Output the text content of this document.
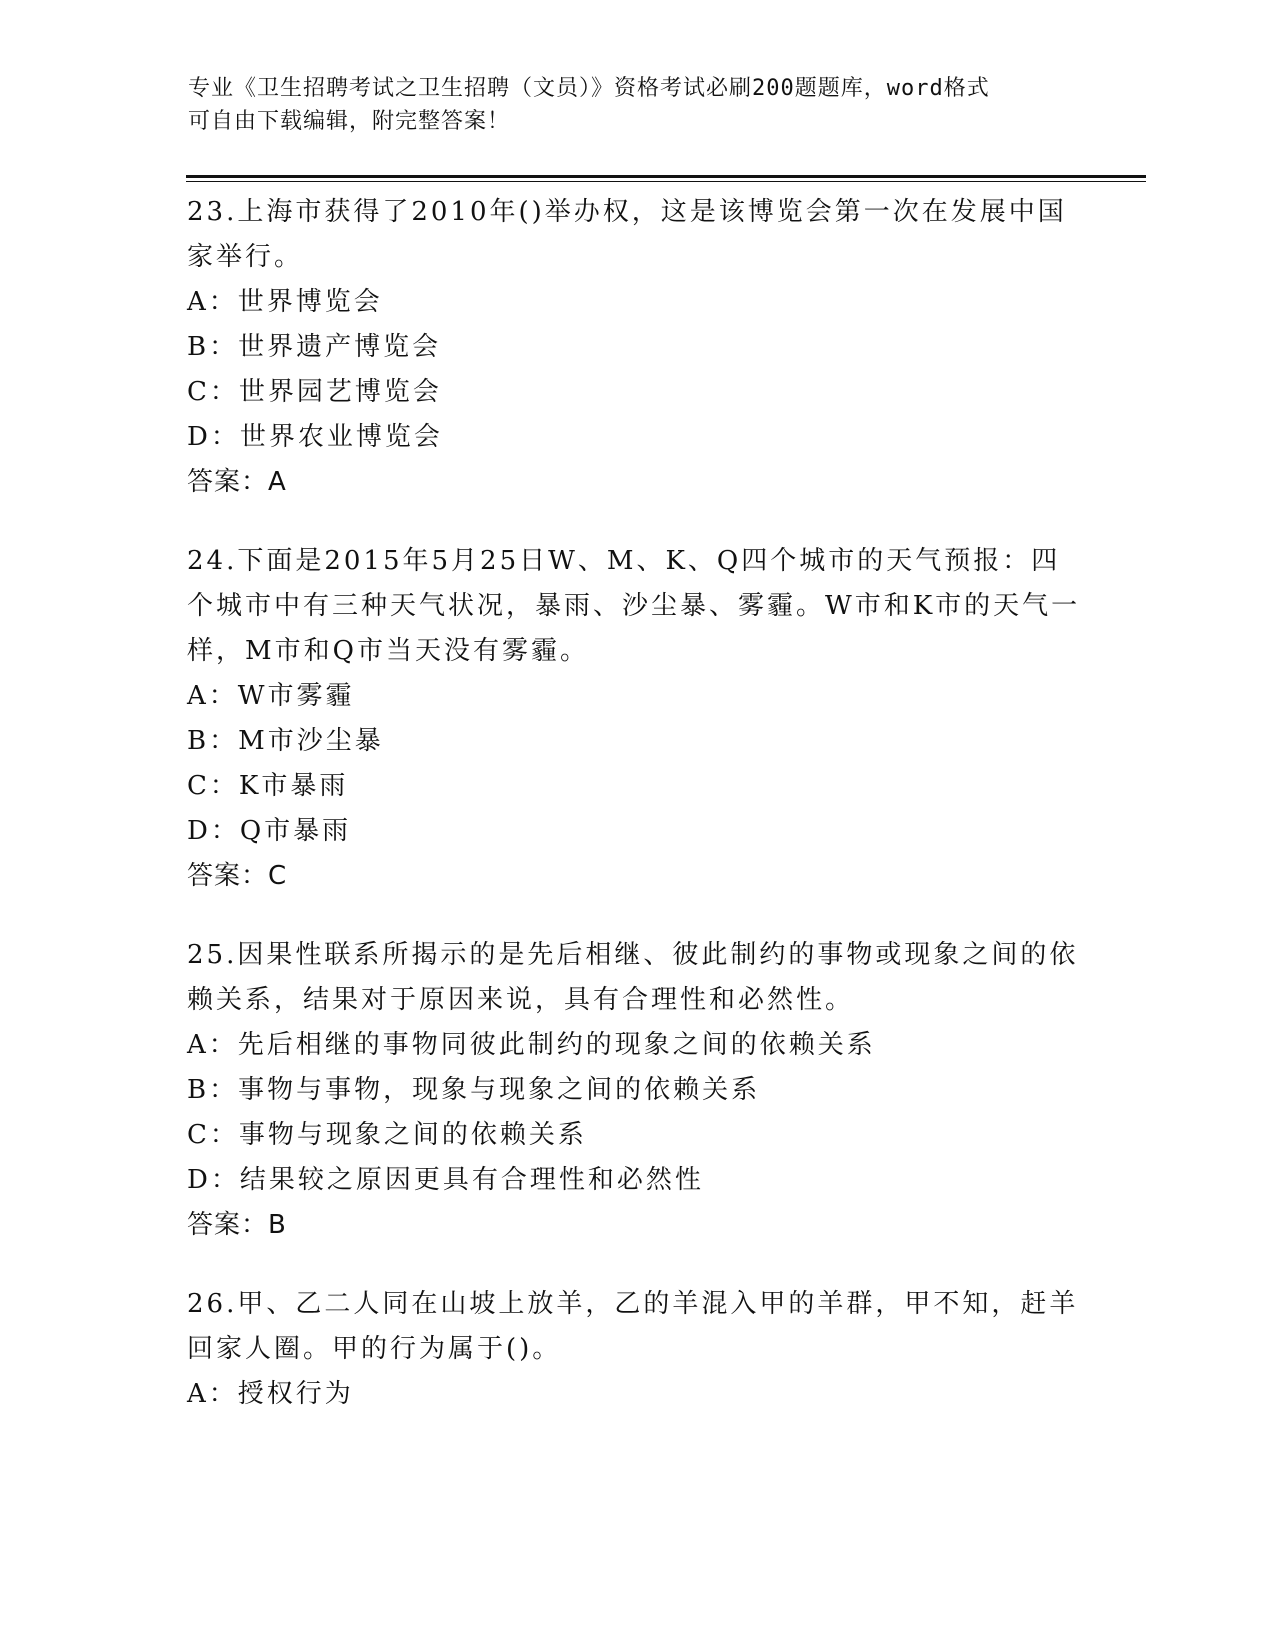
专业《卫生招聘考试之卫生招聘（文员）》资格考试必刷200题题库，word格式
可自由下载编辑，附完整答案！

23.上海市获得了2010年()举办权，这是该博览会第一次在发展中国家举行。

A：世界博览会

B：世界遗产博览会

C：世界园艺博览会

D：世界农业博览会

答案：A

24.下面是2015年5月25日W、M、K、Q四个城市的天气预报：四个城市中有三种天气状况，暴雨、沙尘暴、雾霾。W市和K市的天气一样，M市和Q市当天没有雾霾。

A：W市雾霾

B：M市沙尘暴

C：K市暴雨

D：Q市暴雨

答案：C

25.因果性联系所揭示的是先后相继、彼此制约的事物或现象之间的依赖关系，结果对于原因来说，具有合理性和必然性。

A：先后相继的事物同彼此制约的现象之间的依赖关系

B：事物与事物，现象与现象之间的依赖关系

C：事物与现象之间的依赖关系

D：结果较之原因更具有合理性和必然性

答案：B

26.甲、乙二人同在山坡上放羊，乙的羊混入甲的羊群，甲不知，赶羊回家人圈。甲的行为属于()。

A：授权行为
